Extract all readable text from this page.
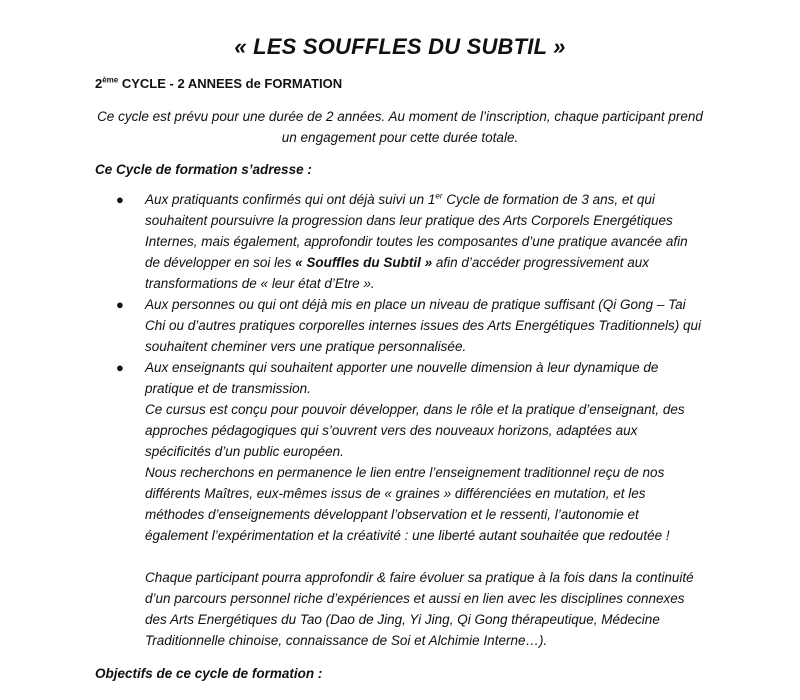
« LES SOUFFLES DU SUBTIL »

2ème CYCLE - 2 ANNEES de FORMATION

Ce cycle est prévu pour une durée de 2 années. Au moment de l’inscription, chaque participant prend un engagement pour cette durée totale.

Ce Cycle de formation s’adresse :

● Aux pratiquants confirmés qui ont déjà suivi un 1er Cycle de formation de 3 ans, et qui souhaitent poursuivre la progression dans leur pratique des Arts Corporels Energétiques Internes, mais également, approfondir toutes les composantes d’une pratique avancée afin de développer en soi les « Souffles du Subtil » afin d’accéder progressivement aux transformations de « leur état d’Etre ».
● Aux personnes ou qui ont déjà mis en place un niveau de pratique suffisant (Qi Gong – Tai Chi ou d’autres pratiques corporelles internes issues des Arts Energétiques Traditionnels) qui souhaitent cheminer vers une pratique personnalisée.
● Aux enseignants qui souhaitent apporter une nouvelle dimension à leur dynamique de pratique et de transmission.
Ce cursus est conçu pour pouvoir développer, dans le rôle et la pratique d’enseignant, des approches pédagogiques qui s’ouvrent vers des nouveaux horizons, adaptées aux spécificités d’un public européen.
Nous recherchons en permanence le lien entre l’enseignement traditionnel reçu de nos différents Maîtres, eux-mêmes issus de « graines » différenciées en mutation, et les méthodes d’enseignements développant l’observation et le ressenti, l’autonomie et également l’expérimentation et la créativité : une liberté autant souhaitée que redoutée !
Chaque participant pourra approfondir & faire évoluer sa pratique à la fois dans la continuité d’un parcours personnel riche d’expériences et aussi en lien avec les disciplines connexes des Arts Energétiques du Tao (Dao de Jing, Yi Jing, Qi Gong thérapeutique, Médecine Traditionnelle chinoise, connaissance de Soi et Alchimie Interne…).

Objectifs de ce cycle de formation :
